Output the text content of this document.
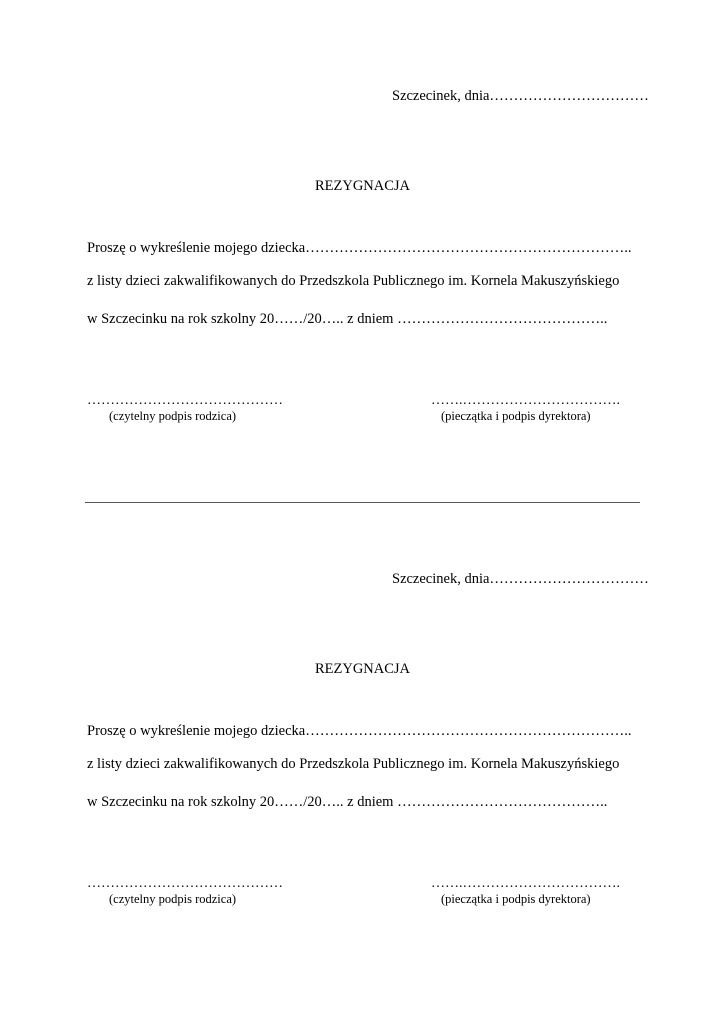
Szczecinek, dnia……………………………
REZYGNACJA
Proszę o wykreślenie mojego dziecka…………………………………………………………..
z listy dzieci zakwalifikowanych do Przedszkola Publicznego im. Kornela Makuszyńskiego
w Szczecinku na rok szkolny 20……/20….. z dniem ……………………………………..
……………………………………	…….…………………………….
(czytelny podpis rodzica)	(pieczątka i podpis dyrektora)
Szczecinek, dnia……………………………
REZYGNACJA
Proszę o wykreślenie mojego dziecka…………………………………………………………..
z listy dzieci zakwalifikowanych do Przedszkola Publicznego im. Kornela Makuszyńskiego
w Szczecinku na rok szkolny 20……/20….. z dniem ……………………………………..
……………………………………	…….…………………………….
(czytelny podpis rodzica)	(pieczątka i podpis dyrektora)
